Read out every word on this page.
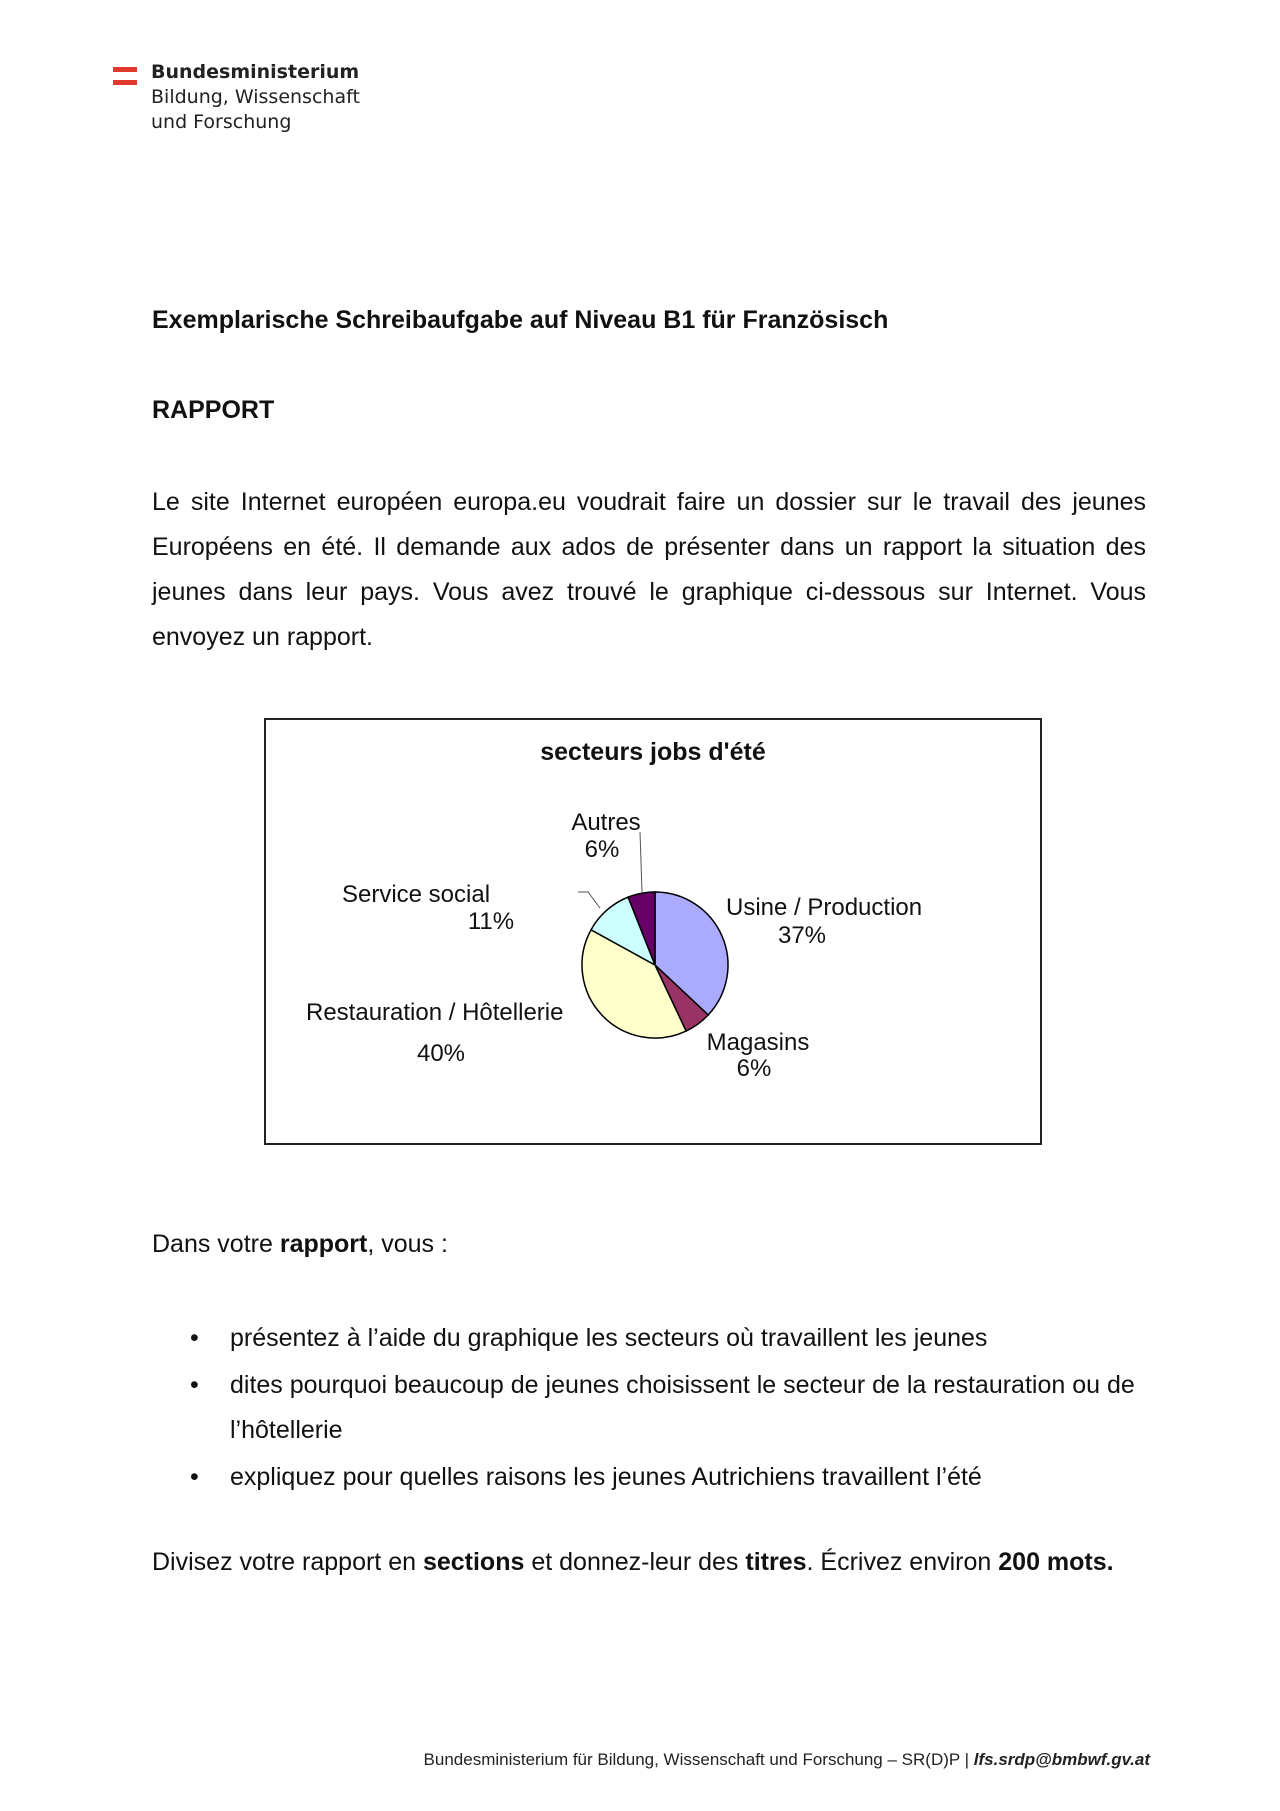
Bundesministerium
Bildung, Wissenschaft
und Forschung
Exemplarische Schreibaufgabe auf Niveau B1 für Französisch
RAPPORT
Le site Internet européen europa.eu voudrait faire un dossier sur le travail des jeunes Européens en été. Il demande aux ados de présenter dans un rapport la situation des jeunes dans leur pays. Vous avez trouvé le graphique ci-dessous sur Internet. Vous envoyez un rapport.
secteurs jobs d'été
Usine / Production
37%
Magasins
6%
Restauration / Hôtellerie
40%
Service social
11%
Autres
6%
Dans votre rapport, vous :
• présentez à l’aide du graphique les secteurs où travaillent les jeunes
• dites pourquoi beaucoup de jeunes choisissent le secteur de la restauration ou de l’hôtellerie
• expliquez pour quelles raisons les jeunes Autrichiens travaillent l’été
Divisez votre rapport en sections et donnez-leur des titres. Écrivez environ 200 mots.
Bundesministerium für Bildung, Wissenschaft und Forschung – SR(D)P | lfs.srdp@bmbwf.gv.at
